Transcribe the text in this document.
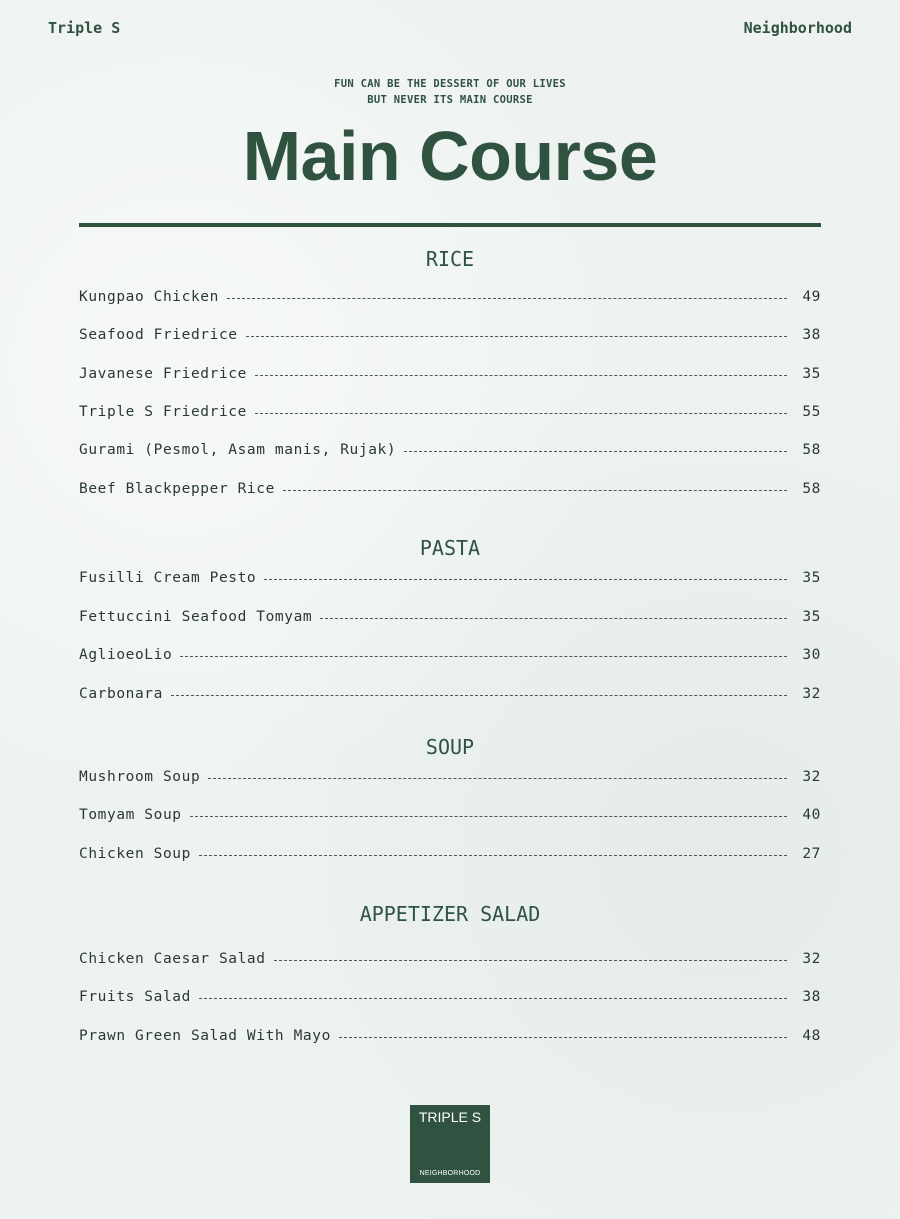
Triple S	Neighborhood
FUN CAN BE THE DESSERT OF OUR LIVES
BUT NEVER ITS MAIN COURSE
Main Course
RICE
Kungpao Chicken	49
Seafood Friedrice	38
Javanese Friedrice	35
Triple S Friedrice	55
Gurami (Pesmol, Asam manis, Rujak)	58
Beef Blackpepper Rice	58
PASTA
Fusilli Cream Pesto	35
Fettuccini Seafood Tomyam	35
AglioeoLio	30
Carbonara	32
SOUP
Mushroom Soup	32
Tomyam Soup	40
Chicken Soup	27
APPETIZER SALAD
Chicken Caesar Salad	32
Fruits Salad	38
Prawn Green Salad With Mayo	48
TRIPLE S
NEIGHBORHOOD
